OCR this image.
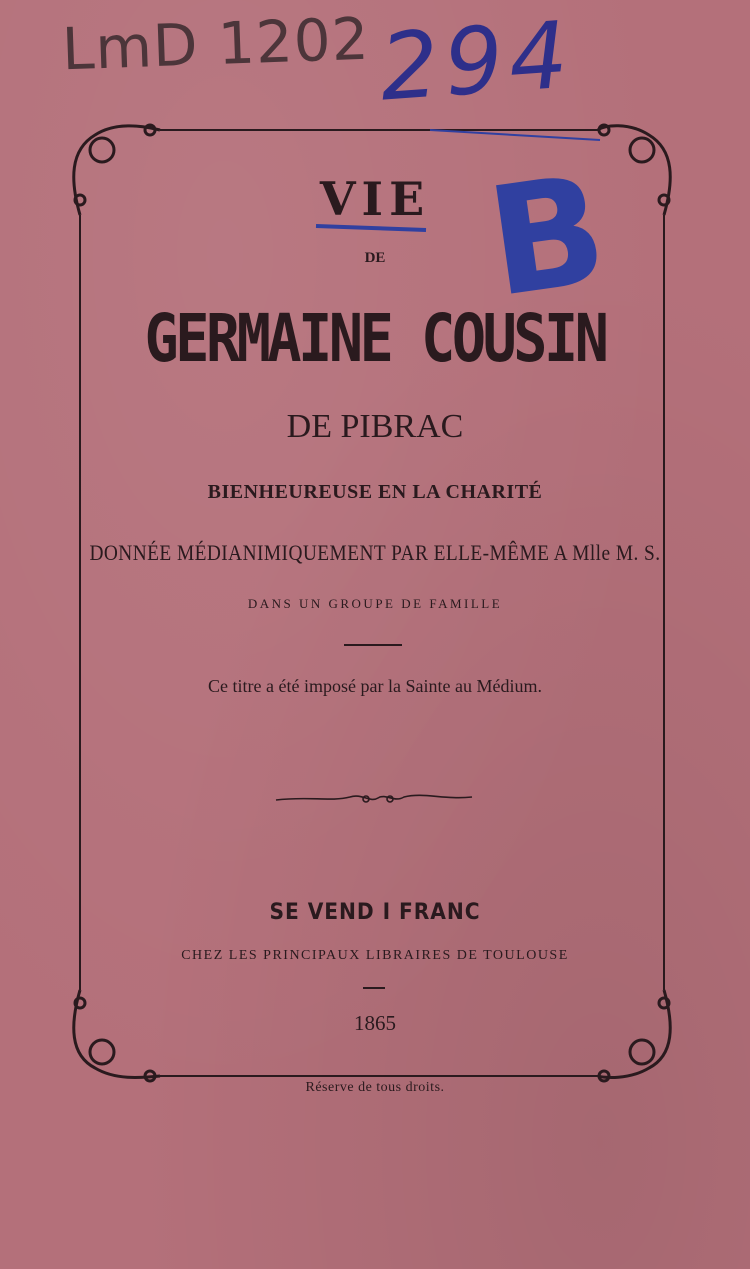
LmD 1202 294
B
VIE
DE
GERMAINE COUSIN
DE PIBRAC
BIENHEUREUSE EN LA CHARITÉ
DONNÉE MÉDIANIMIQUEMENT PAR ELLE-MÊME A Mlle M. S.
DANS UN GROUPE DE FAMILLE
Ce titre a été imposé par la Sainte au Médium.
SE VEND I FRANC
CHEZ LES PRINCIPAUX LIBRAIRES DE TOULOUSE
1865
Réserve de tous droits.
